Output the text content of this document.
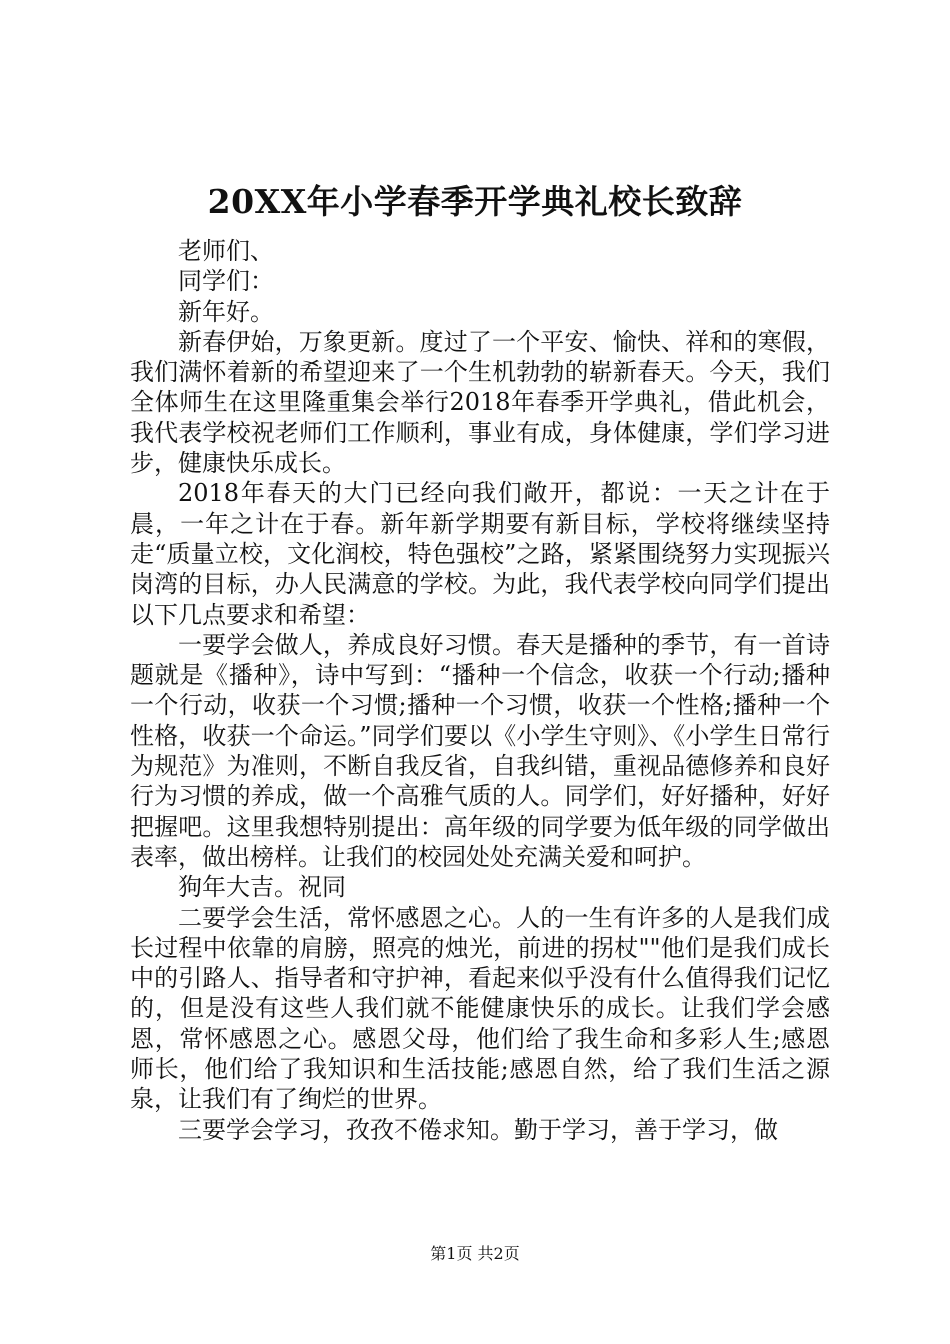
20XX年小学春季开学典礼校长致辞

老师们、

同学们：

新年好。

新春伊始，万象更新。度过了一个平安、愉快、祥和的寒假，我们满怀着新的希望迎来了一个生机勃勃的崭新春天。今天，我们全体师生在这里隆重集会举行2018年春季开学典礼，借此机会，我代表学校祝老师们工作顺利，事业有成，身体健康，学们学习进步，健康快乐成长。

2018年春天的大门已经向我们敞开，都说：一天之计在于晨，一年之计在于春。新年新学期要有新目标，学校将继续坚持走“质量立校，文化润校，特色强校”之路，紧紧围绕努力实现振兴岗湾的目标，办人民满意的学校。为此，我代表学校向同学们提出以下几点要求和希望：

一要学会做人，养成良好习惯。春天是播种的季节，有一首诗题就是《播种》，诗中写到：“播种一个信念，收获一个行动;播种一个行动，收获一个习惯;播种一个习惯，收获一个性格;播种一个性格，收获一个命运。”同学们要以《小学生守则》、《小学生日常行为规范》为准则，不断自我反省，自我纠错，重视品德修养和良好行为习惯的养成，做一个高雅气质的人。同学们，好好播种，好好把握吧。这里我想特别提出：高年级的同学要为低年级的同学做出表率，做出榜样。让我们的校园处处充满关爱和呵护。

狗年大吉。祝同

二要学会生活，常怀感恩之心。人的一生有许多的人是我们成长过程中依靠的肩膀，照亮的烛光，前进的拐杖""他们是我们成长中的引路人、指导者和守护神，看起来似乎没有什么值得我们记忆的，但是没有这些人我们就不能健康快乐的成长。让我们学会感恩，常怀感恩之心。感恩父母，他们给了我生命和多彩人生;感恩师长，他们给了我知识和生活技能;感恩自然，给了我们生活之源泉，让我们有了绚烂的世界。

三要学会学习，孜孜不倦求知。勤于学习，善于学习，做

第1页 共2页
